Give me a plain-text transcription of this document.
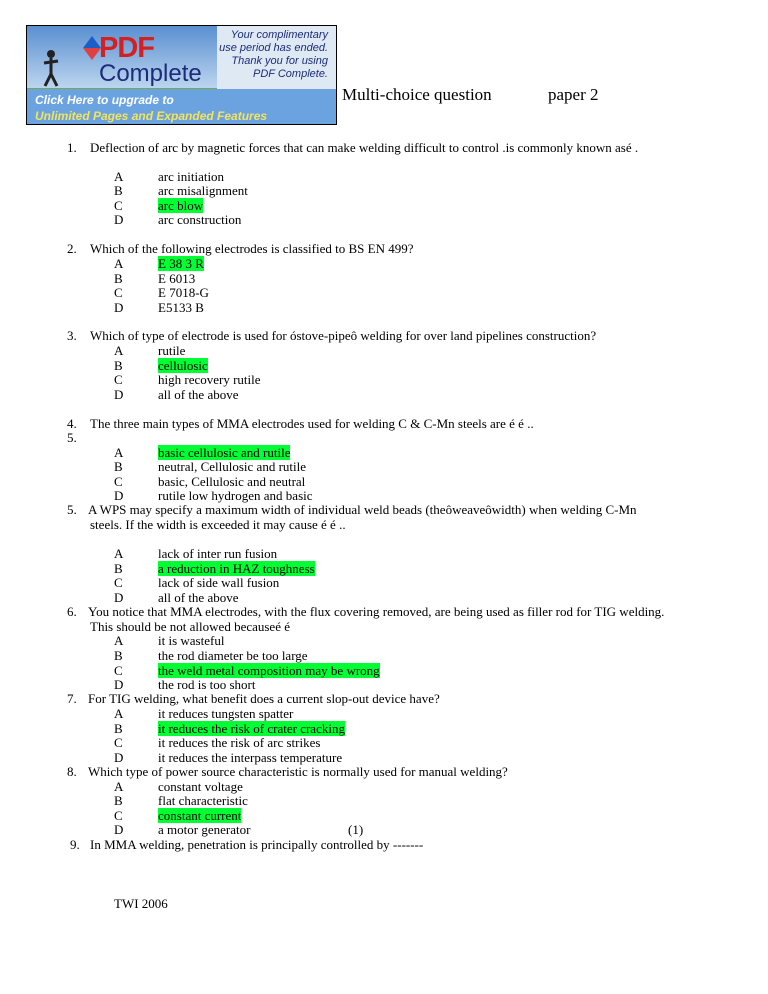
PDF
Complete
Your complimentary
use period has ended.
Thank you for using
PDF Complete.
Click Here to upgrade to
Unlimited Pages and Expanded Features
Multi-choice question	paper 2
1. Deflection of arc by magnetic forces that can make welding difficult to control .is commonly known asé .
A	arc initiation
B	arc misalignment
C	arc blow
D	arc construction
2. Which of the following electrodes is classified to BS EN 499?
A	E 38 3 R
B	E 6013
C	E 7018-G
D	E5133 B
3. Which of type of electrode is used for óstove-pipeô welding for over land pipelines construction?
A	rutile
B	cellulosic
C	high recovery rutile
D	all of the above
4. The three main types of MMA electrodes used for welding C & C-Mn steels are é é ..
5.
A	basic cellulosic and rutile
B	neutral, Cellulosic and rutile
C	basic, Cellulosic and neutral
D	rutile low hydrogen and basic
5. A WPS may specify a maximum width of individual weld beads (theôweaveôwidth) when welding C-Mn
steels. If the width is exceeded it may cause é é ..
A	lack of inter run fusion
B	a reduction in HAZ toughness
C	lack of side wall fusion
D	all of the above
6. You notice that MMA electrodes, with the flux covering removed, are being used as filler rod for TIG welding.
This should be not allowed becauseé é
A	it is wasteful
B	the rod diameter be too large
C	the weld metal composition may be wrong
D	the rod is too short
7. For TIG welding, what benefit does a current slop-out device have?
A	it reduces tungsten spatter
B	it reduces the risk of crater cracking
C	it reduces the risk of arc strikes
D	it reduces the interpass temperature
8. Which type of power source characteristic is normally used for manual welding?
A	constant voltage
B	flat characteristic
C	constant current
D	a motor generator	(1)
9. In MMA welding, penetration is principally controlled by -------
TWI 2006
